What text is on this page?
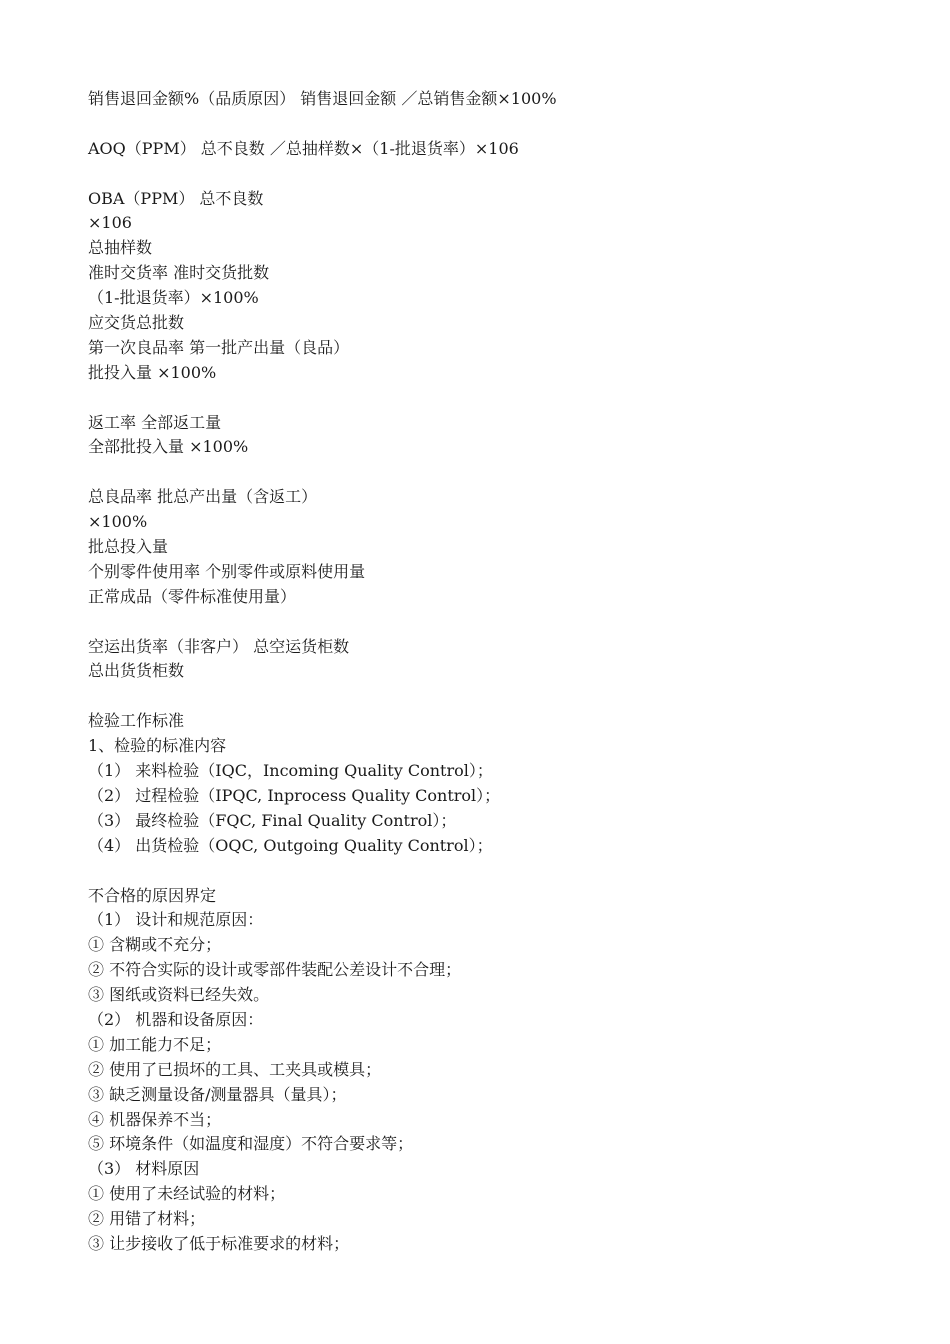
销售退回金额%（品质原因） 销售退回金额 ／总销售金额×100%
AOQ（PPM） 总不良数 ／总抽样数×（1-批退货率）×106
OBA（PPM） 总不良数
×106
总抽样数
准时交货率 准时交货批数
（1-批退货率）×100%
应交货总批数
第一次良品率 第一批产出量（良品）
批投入量 ×100%
返工率 全部返工量
全部批投入量 ×100%
总良品率 批总产出量（含返工）
×100%
批总投入量
个别零件使用率 个别零件或原料使用量
正常成品（零件标准使用量）
空运出货率（非客户） 总空运货柜数
总出货货柜数
检验工作标准
1、检验的标准内容
（1） 来料检验（IQC，Incoming Quality Control）；
（2） 过程检验（IPQC, Inprocess Quality Control）；
（3） 最终检验（FQC, Final Quality Control）；
（4） 出货检验（OQC, Outgoing Quality Control）；
不合格的原因界定
（1） 设计和规范原因：
① 含糊或不充分；
② 不符合实际的设计或零部件装配公差设计不合理；
③ 图纸或资料已经失效。
（2） 机器和设备原因：
① 加工能力不足；
② 使用了已损坏的工具、工夹具或模具；
③ 缺乏测量设备/测量器具（量具）；
④ 机器保养不当；
⑤ 环境条件（如温度和湿度）不符合要求等；
（3） 材料原因
① 使用了未经试验的材料；
② 用错了材料；
③ 让步接收了低于标准要求的材料；
